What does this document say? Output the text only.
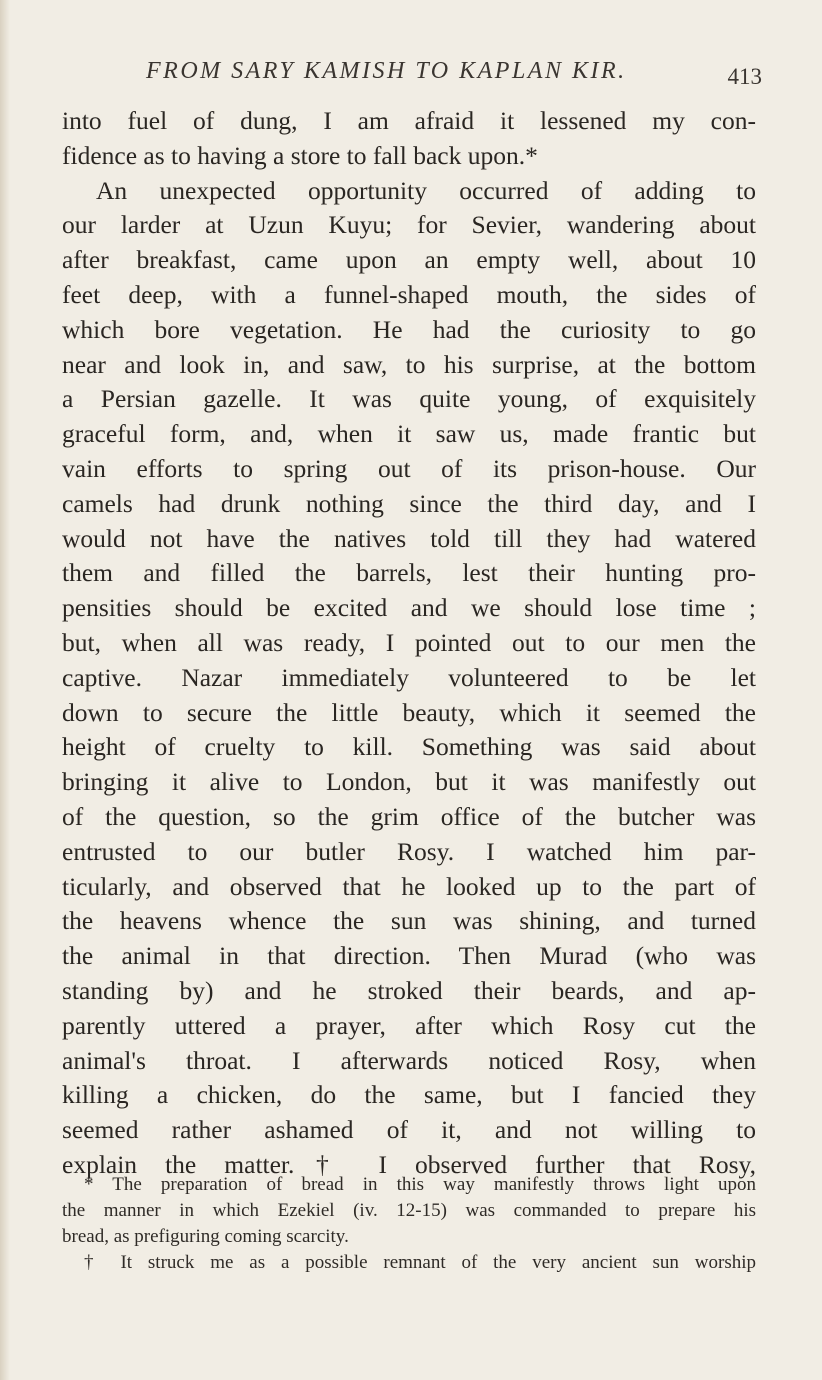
FROM SARY KAMISH TO KAPLAN KIR.	413
into fuel of dung, I am afraid it lessened my con-
fidence as to having a store to fall back upon.*
An unexpected opportunity occurred of adding to
our larder at Uzun Kuyu; for Sevier, wandering about
after breakfast, came upon an empty well, about 10
feet deep, with a funnel-shaped mouth, the sides of
which bore vegetation. He had the curiosity to go
near and look in, and saw, to his surprise, at the bottom
a Persian gazelle. It was quite young, of exquisitely
graceful form, and, when it saw us, made frantic but
vain efforts to spring out of its prison-house. Our
camels had drunk nothing since the third day, and I
would not have the natives told till they had watered
them and filled the barrels, lest their hunting pro-
pensities should be excited and we should lose time ;
but, when all was ready, I pointed out to our men the
captive. Nazar immediately volunteered to be let
down to secure the little beauty, which it seemed the
height of cruelty to kill. Something was said about
bringing it alive to London, but it was manifestly out
of the question, so the grim office of the butcher was
entrusted to our butler Rosy. I watched him par-
ticularly, and observed that he looked up to the part of
the heavens whence the sun was shining, and turned
the animal in that direction. Then Murad (who was
standing by) and he stroked their beards, and ap-
parently uttered a prayer, after which Rosy cut the
animal's throat. I afterwards noticed Rosy, when
killing a chicken, do the same, but I fancied they
seemed rather ashamed of it, and not willing to
explain the matter.† I observed further that Rosy,
* The preparation of bread in this way manifestly throws light upon
the manner in which Ezekiel (iv. 12-15) was commanded to prepare his
bread, as prefiguring coming scarcity.
† It struck me as a possible remnant of the very ancient sun worship
